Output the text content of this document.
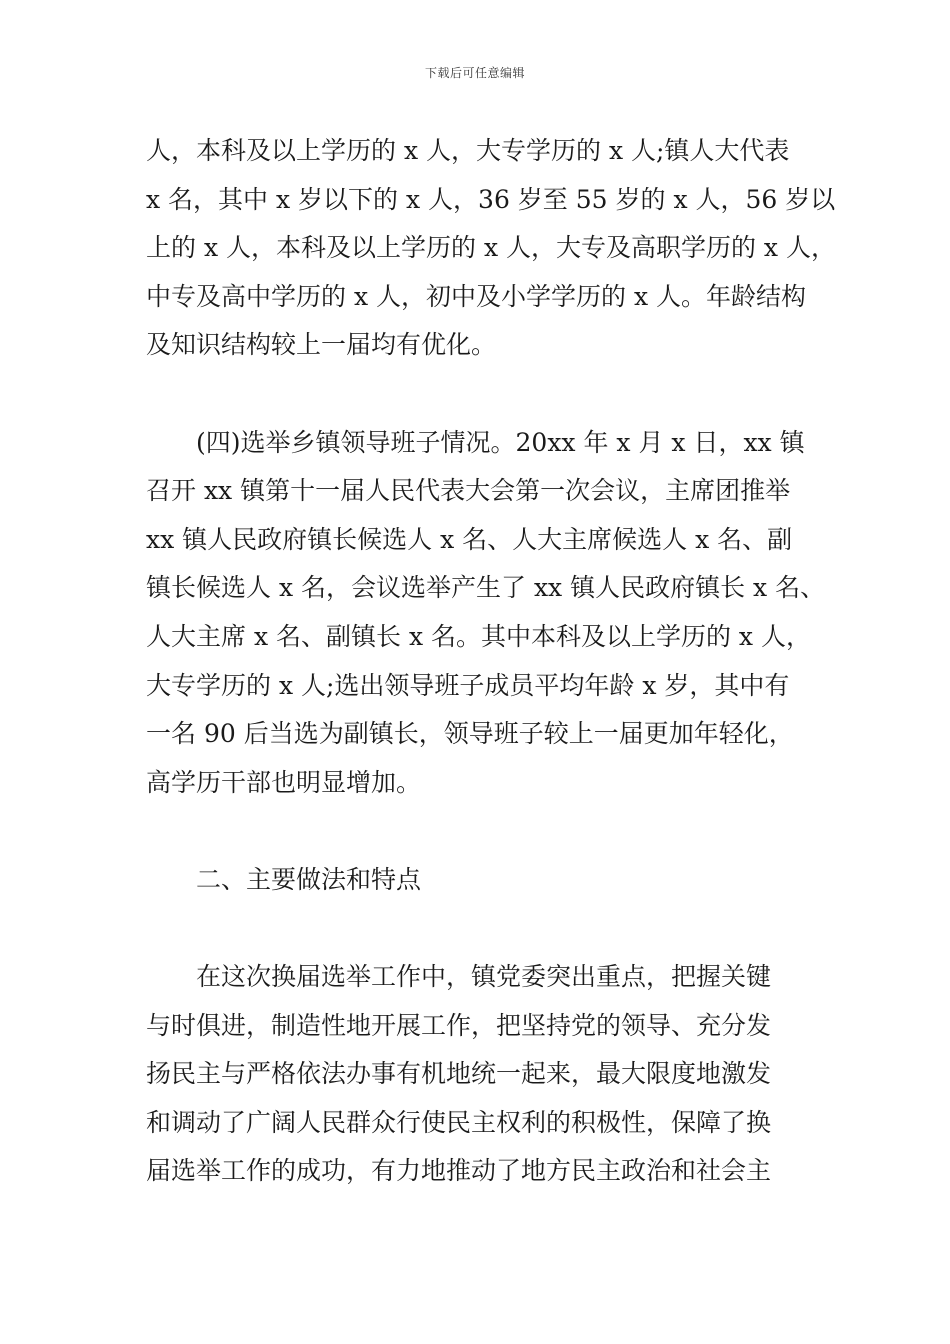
下载后可任意编辑
人，本科及以上学历的 x 人，大专学历的 x 人;镇人大代表
x 名，其中 x 岁以下的 x 人，36 岁至 55 岁的 x 人，56 岁以
上的 x 人，本科及以上学历的 x 人，大专及高职学历的 x 人，
中专及高中学历的 x 人，初中及小学学历的 x 人。年龄结构
及知识结构较上一届均有优化。
　　(四)选举乡镇领导班子情况。20xx 年 x 月 x 日，xx 镇
召开 xx 镇第十一届人民代表大会第一次会议，主席团推举
xx 镇人民政府镇长候选人 x 名、人大主席候选人 x 名、副
镇长候选人 x 名，会议选举产生了 xx 镇人民政府镇长 x 名、
人大主席 x 名、副镇长 x 名。其中本科及以上学历的 x 人，
大专学历的 x 人;选出领导班子成员平均年龄 x 岁，其中有
一名 90 后当选为副镇长，领导班子较上一届更加年轻化，
高学历干部也明显增加。
　　二、主要做法和特点
　　在这次换届选举工作中，镇党委突出重点，把握关键
与时俱进，制造性地开展工作，把坚持党的领导、充分发
扬民主与严格依法办事有机地统一起来，最大限度地激发
和调动了广阔人民群众行使民主权利的积极性，保障了换
届选举工作的成功，有力地推动了地方民主政治和社会主
